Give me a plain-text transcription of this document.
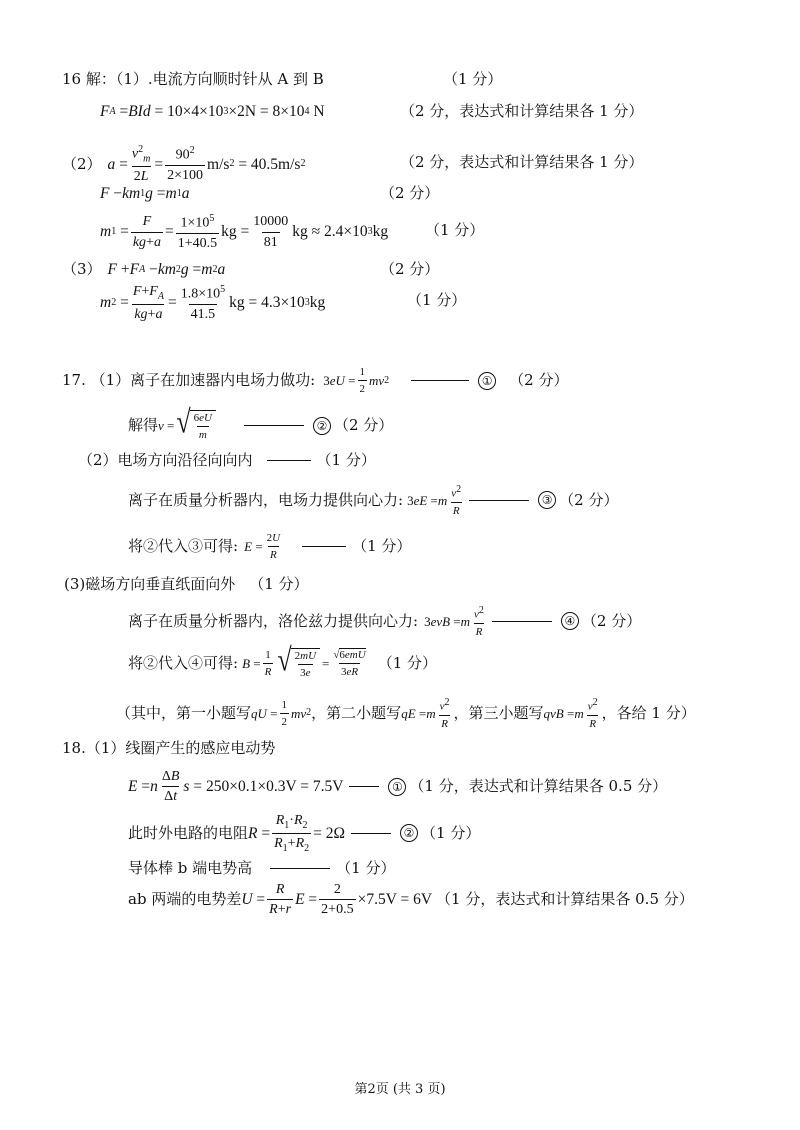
16 解：（1）.电流方向顺时针从 A 到 B	（1 分）
F A = BId = 10×4×10 3 ×2N = 8×10 4 N	（2 分，表达式和计算结果各 1 分）
（2） a =
$v^2_m$
2L
=
$90^2$
2×100
m/s 2 = 40.5m/s 2	（2 分，表达式和计算结果各 1 分）
F − km 1 g = m 1 a	（2 分）
m 1 =
F
kg+a
=
$1\times 10^5$
1+40.5
kg =
10000
81
kg ≈ 2.4×10 3 kg （1 分）
（3） F + F A − km 2 g = m 2 a	（2 分）
m 2 =
$F+F_A$
kg+a
=
$1.8\times 10^5$
41.5
kg = 4.3×10 3 kg	（1 分）
17. （1）离子在加速器内电场力做功: 3 eU =
1
2
mv 2	① （2 分）
解得 v = √ 6eU
m
② （2 分）
（2）电场方向沿径向向内	（1 分）
离子在质量分析器内，电场力提供向心力: 3 eE = m v2
R
③ （2 分）
将②代入③可得: E =
2U
R	（1 分）
(3)磁场方向垂直纸面向外 （1 分）
离子在质量分析器内，洛伦兹力提供向心力: 3 evB = m v2
R
④ （2 分）
将②代入④可得: B =
1
R √ 2mU
3e
=
√6emU
3eR （1 分）
（其中，第一小题写 qU =
1
2
mv 2 ，第二小题写 qE = m v2
R
，第三小题写 qvB = m v2
R
，各给 1 分）
18.（1）线圈产生的感应电动势
E = n
ΔB
Δt
s = 250×0.1×0.3V = 7.5V	① （1 分，表达式和计算结果各 0.5 分）
此时外电路的电阻 R =
$R_1\cdot R_2$
$R_1+R_2$
= 2Ω	② （1 分）
导体棒 b 端电势高	（1 分）
ab 两端的电势差 U =
R
R+r
E =
2
2+0.5
×7.5V = 6V （1 分，表达式和计算结果各 0.5 分）
第2页 (共 3 页)
